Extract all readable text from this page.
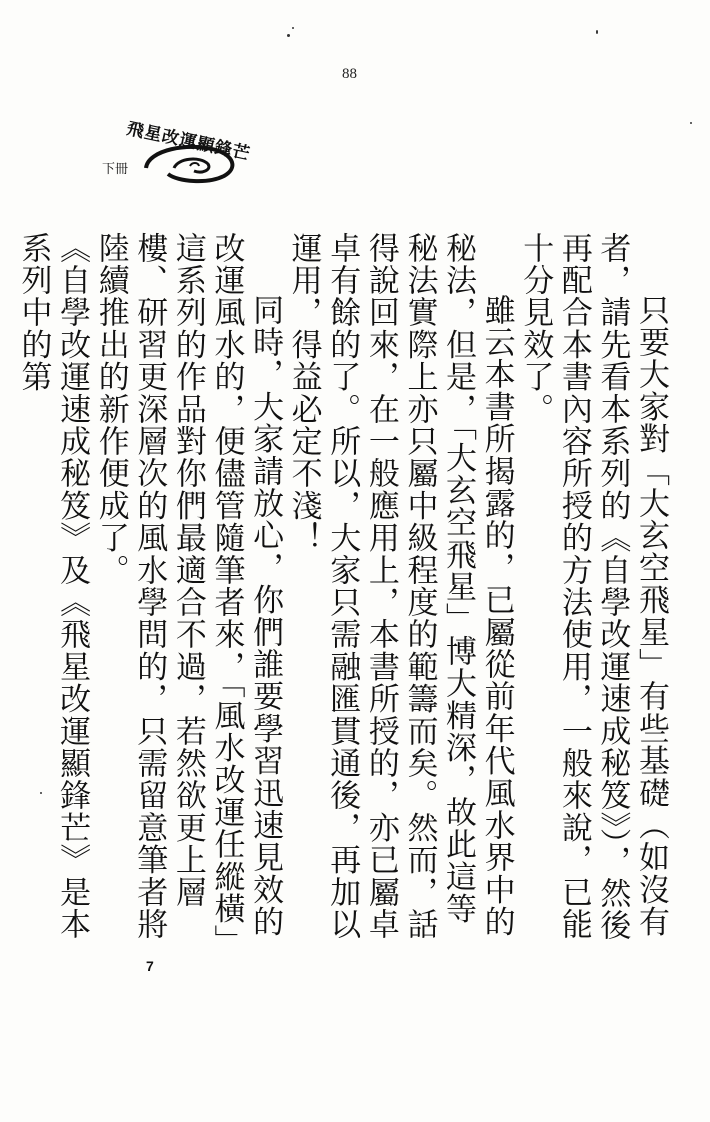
88
飛星改運顯鋒芒
下冊

只要大家對「大玄空飛星」有些基礎（如沒有者，請先看本系列的《自學改運速成秘笈》），然後再配合本書內容所授的方法使用，一般來說，已能十分見效了。

雖云本書所揭露的，已屬從前年代風水界中的秘法，但是，「大玄空飛星」博大精深，故此這等秘法實際上亦只屬中級程度的範籌而矣。然而，話得說回來，在一般應用上，本書所授的，亦已屬卓卓有餘的了。所以，大家只需融匯貫通後，再加以運用，得益必定不淺！

同時，大家請放心，你們誰要學習迅速見效的改運風水的，便儘管隨筆者來，「風水改運任縱橫」這系列的作品對你們最適合不過，若然欲更上層樓、研習更深層次的風水學問的，只需留意筆者將陸續推出的新作便成了。

《自學改運速成秘笈》及《飛星改運顯鋒芒》是本系列中的第

7
